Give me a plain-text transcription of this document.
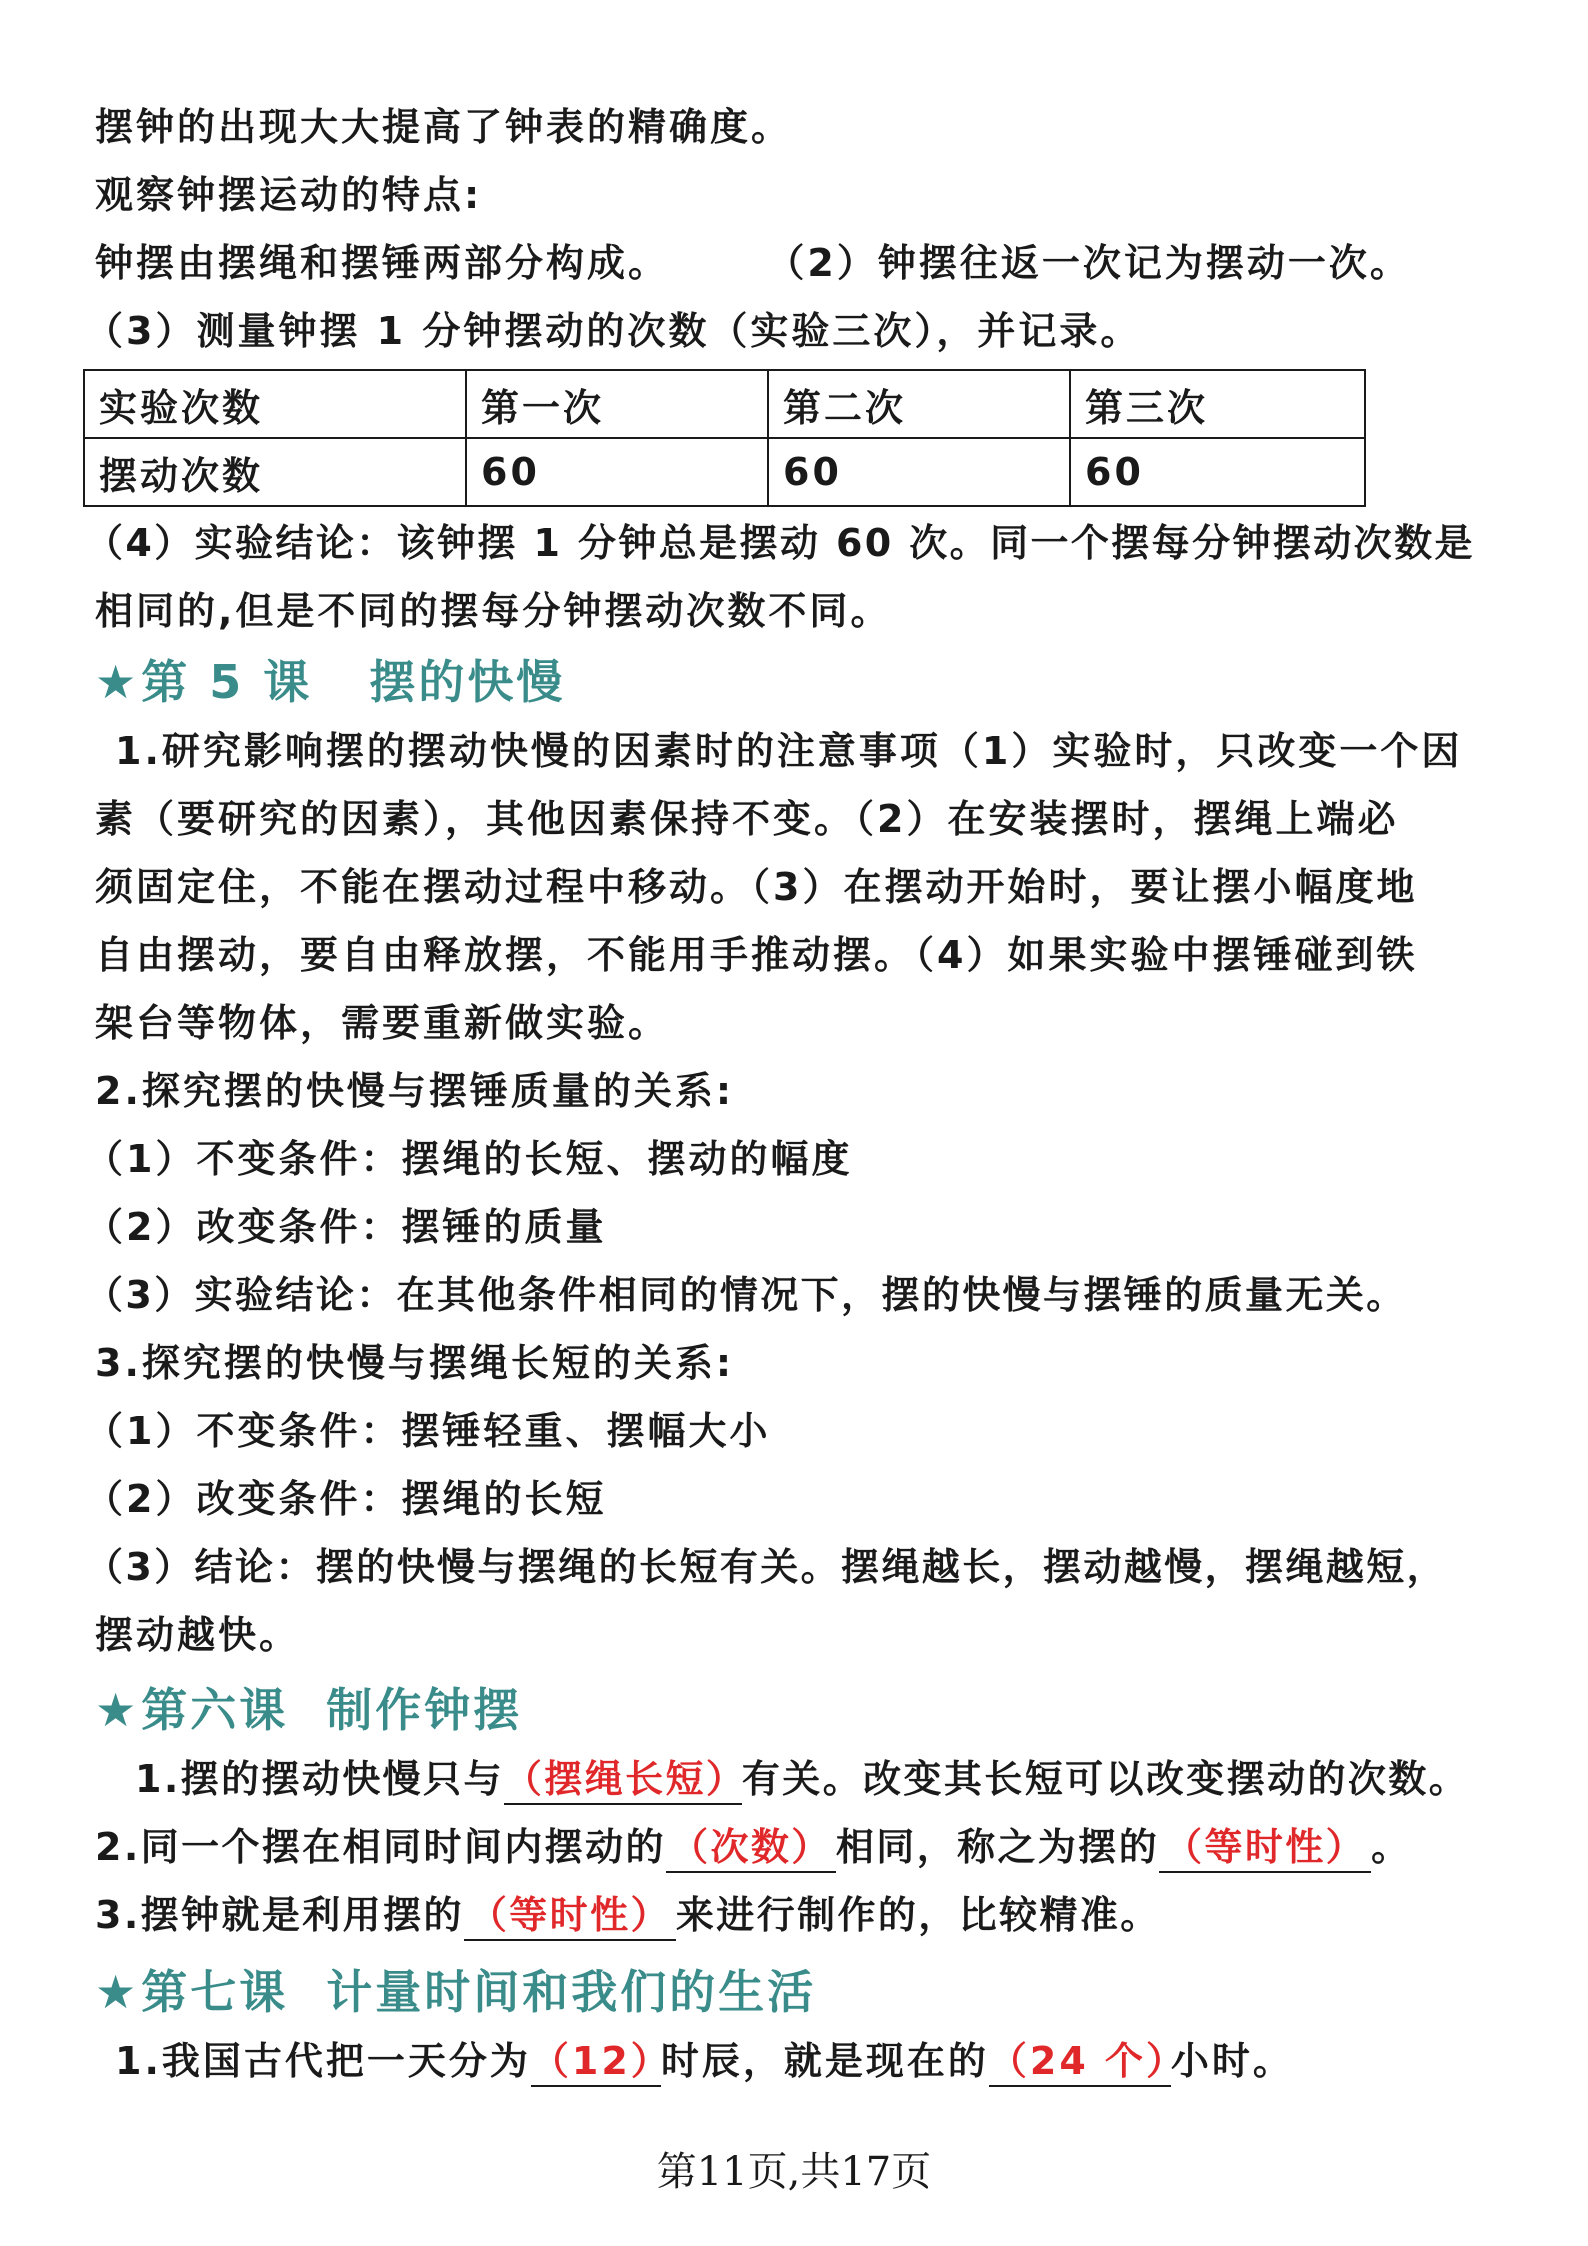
摆钟的出现大大提高了钟表的精确度。
观察钟摆运动的特点:
钟摆由摆绳和摆锤两部分构成。      （2）钟摆往返一次记为摆动一次。
（3）测量钟摆 1 分钟摆动的次数（实验三次），并记录。
实验次数	第一次	第二次	第三次
摆动次数	60	60	60
（4）实验结论：该钟摆 1 分钟总是摆动 60 次。同一个摆每分钟摆动次数是
相同的,但是不同的摆每分钟摆动次数不同。
★第 5 课   摆的快慢
1.研究影响摆的摆动快慢的因素时的注意事项（1）实验时，只改变一个因
素（要研究的因素），其他因素保持不变。（2）在安装摆时，摆绳上端必
须固定住，不能在摆动过程中移动。（3）在摆动开始时，要让摆小幅度地
自由摆动，要自由释放摆，不能用手推动摆。（4）如果实验中摆锤碰到铁
架台等物体，需要重新做实验。
2.探究摆的快慢与摆锤质量的关系:
（1）不变条件：摆绳的长短、摆动的幅度
（2）改变条件：摆锤的质量
（3）实验结论：在其他条件相同的情况下，摆的快慢与摆锤的质量无关。
3.探究摆的快慢与摆绳长短的关系:
（1）不变条件：摆锤轻重、摆幅大小
（2）改变条件：摆绳的长短
（3）结论：摆的快慢与摆绳的长短有关。摆绳越长，摆动越慢，摆绳越短，
摆动越快。
★第六课  制作钟摆
1.摆的摆动快慢只与（摆绳长短）有关。改变其长短可以改变摆动的次数。
2.同一个摆在相同时间内摆动的 （次数） 相同，称之为摆的 （等时性） 。
3.摆钟就是利用摆的 （等时性） 来进行制作的，比较精准。
★第七课  计量时间和我们的生活
1.我国古代把一天分为（12）时辰，就是现在的（24 个）小时。
第11页,共17页
